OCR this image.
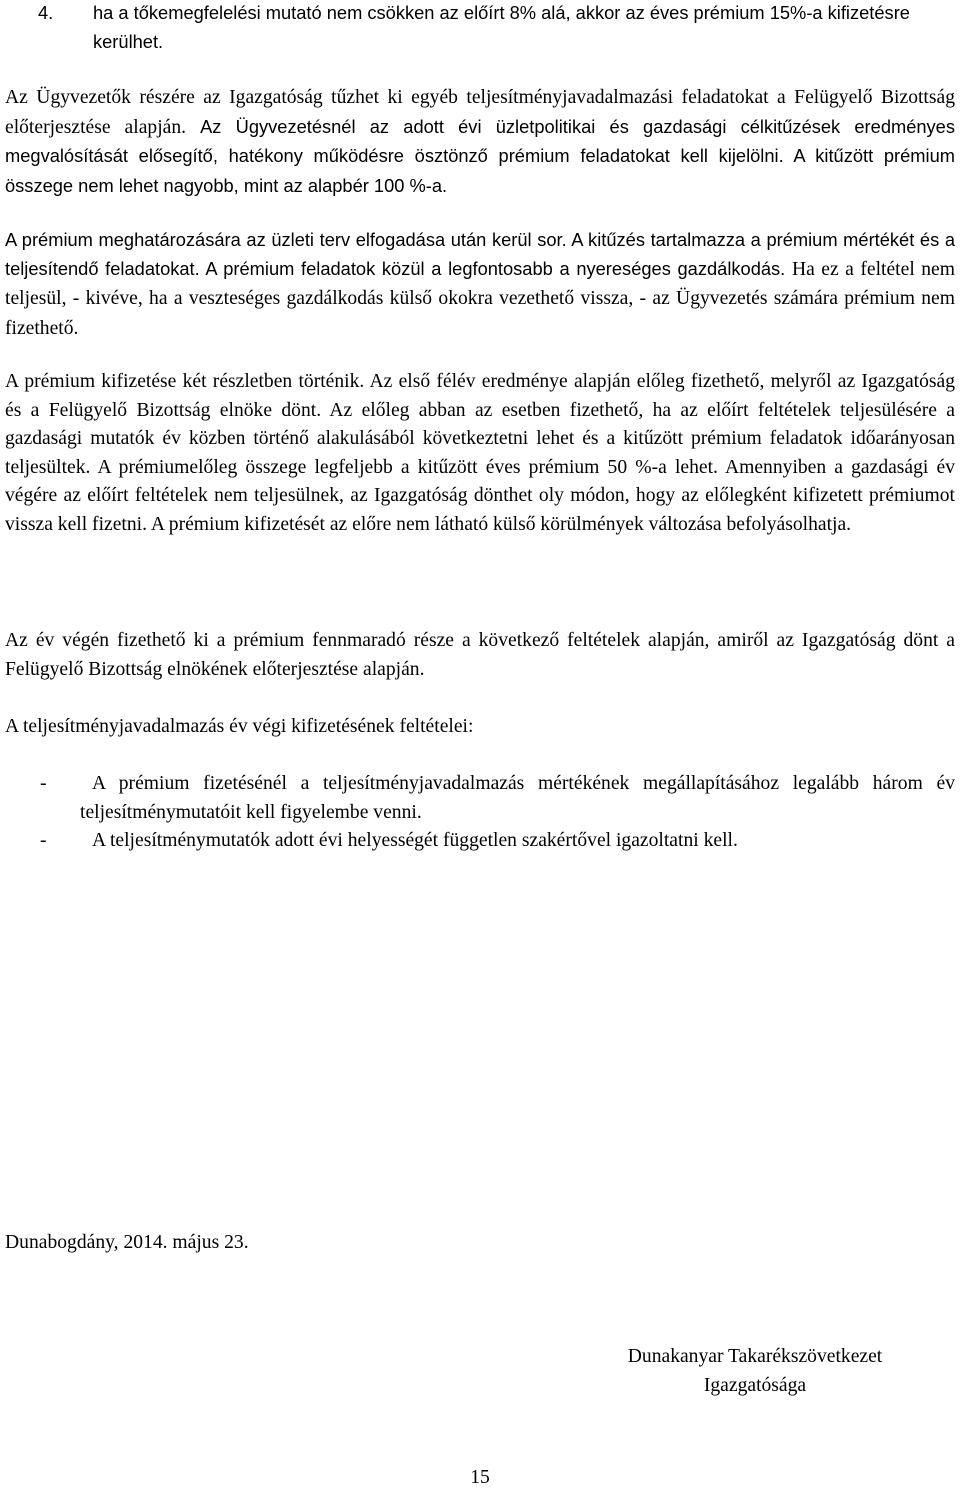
4. ha a tőkemegfelelési mutató nem csökken az előírt 8% alá, akkor az éves prémium 15%-a kifizetésre kerülhet.

Az Ügyvezetők részére az Igazgatóság tűzhet ki egyéb teljesítményjavadalmazási feladatokat a Felügyelő Bizottság előterjesztése alapján. Az Ügyvezetésnél az adott évi üzletpolitikai és gazdasági célkitűzések eredményes megvalósítását elősegítő, hatékony működésre ösztönző prémium feladatokat kell kijelölni. A kitűzött prémium összege nem lehet nagyobb, mint az alapbér 100 %-a.

A prémium meghatározására az üzleti terv elfogadása után kerül sor. A kitűzés tartalmazza a prémium mértékét és a teljesítendő feladatokat. A prémium feladatok közül a legfontosabb a nyereséges gazdálkodás. Ha ez a feltétel nem teljesül, - kivéve, ha a veszteséges gazdálkodás külső okokra vezethető vissza, - az Ügyvezetés számára prémium nem fizethető.

A prémium kifizetése két részletben történik. Az első félév eredménye alapján előleg fizethető, melyről az Igazgatóság és a Felügyelő Bizottság elnöke dönt. Az előleg abban az esetben fizethető, ha az előírt feltételek teljesülésére a gazdasági mutatók év közben történő alakulásából következtetni lehet és a kitűzött prémium feladatok időarányosan teljesültek. A prémiumelőleg összege legfeljebb a kitűzött éves prémium 50 %-a lehet. Amennyiben a gazdasági év végére az előírt feltételek nem teljesülnek, az Igazgatóság dönthet oly módon, hogy az előlegként kifizetett prémiumot vissza kell fizetni. A prémium kifizetését az előre nem látható külső körülmények változása befolyásolhatja.

Az év végén fizethető ki a prémium fennmaradó része a következő feltételek alapján, amiről az Igazgatóság dönt a Felügyelő Bizottság elnökének előterjesztése alapján.

A teljesítményjavadalmazás év végi kifizetésének feltételei:

-	A prémium fizetésénél a teljesítményjavadalmazás mértékének megállapításához legalább három év teljesítménymutatóit kell figyelembe venni.
-	A teljesítménymutatók adott évi helyességét független szakértővel igazoltatni kell.
Dunabogdány, 2014. május 23.
Dunakanyar Takarékszövetkezet
Igazgatósága
15
